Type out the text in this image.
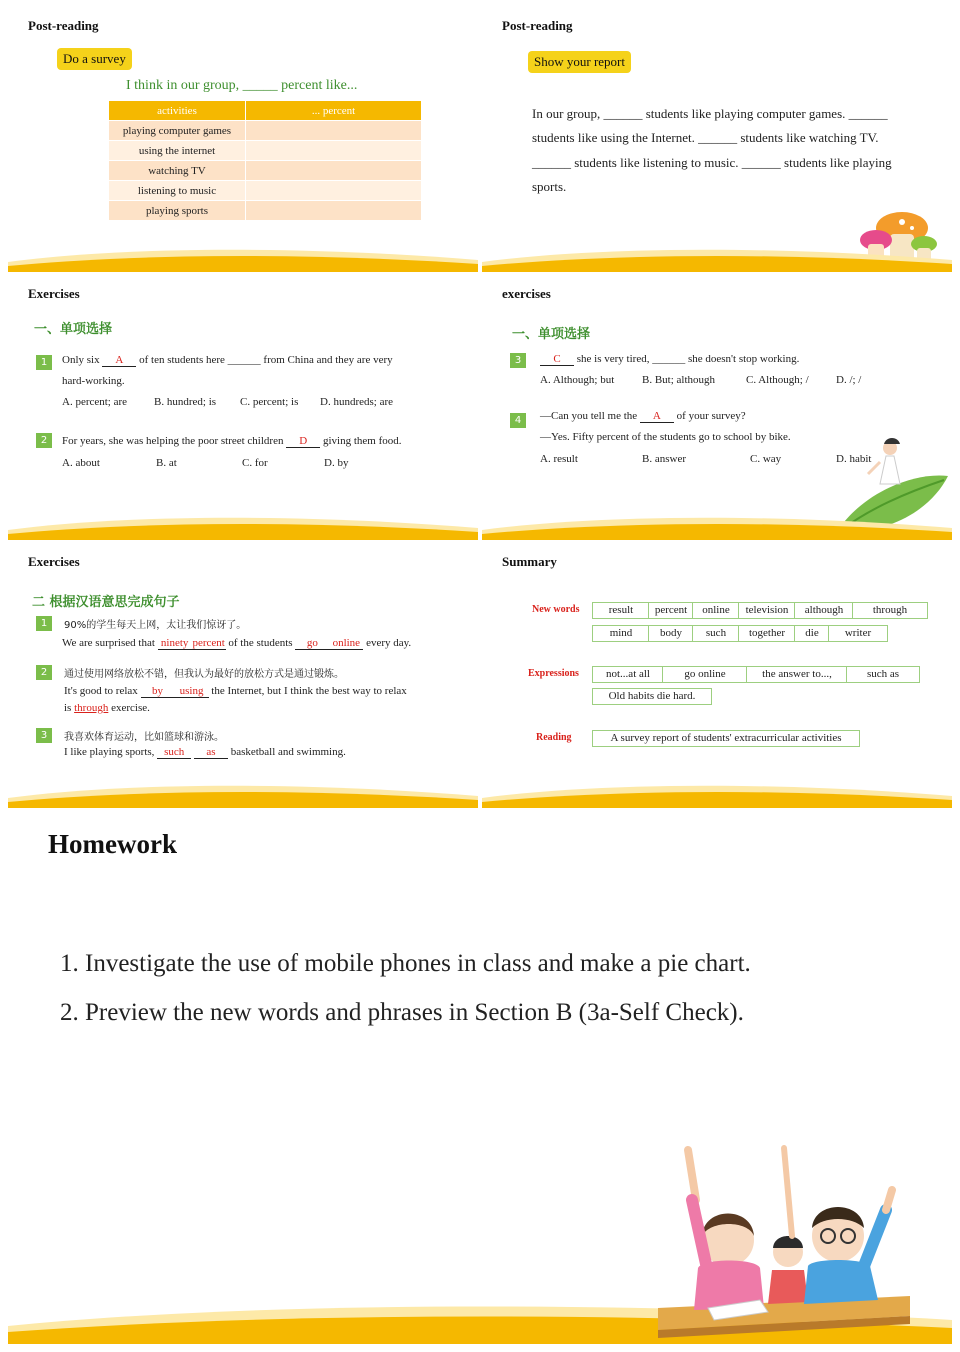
Post-reading
Do a survey
I think in our group, _____ percent like...
activities	... percent
playing computer games	
using the internet	
watching TV	
listening to music	
playing sports	
Post-reading
Show your report
In our group, ______ students like playing computer games. ______
students like using the Internet. ______ students like watching TV.
______ students like listening to music. ______ students like playing
sports.
Exercises
一、单项选择
1	Only six A of ten students here ______ from China and they are very
hard-working.
A. percent; are B. hundred; is C. percent; is D. hundreds; are
2	For years, she was helping the poor street children D giving them food.
A. about	B. at	C. for	D. by
exercises
一、单项选择
3	C she is very tired, ______ she doesn't stop working.
A. Although; but	B. But; although	C. Although; / D. /; /
4	—Can you tell me the A of your survey?
—Yes. Fifty percent of the students go to school by bike.
A. result	B. answer	C. way	D. habit
Exercises
二 根据汉语意思完成句子
1	90%的学生每天上网，太让我们惊讶了。
We are surprised that ninety percent of the students go online every day.
2	通过使用网络放松不错，但我认为最好的放松方式是通过锻炼。
It's good to relax by using the Internet, but I think the best way to relax
is through exercise.
3	我喜欢体育运动，比如篮球和游泳。
I like playing sports, such as basketball and swimming.
Summary
New words	result	percent	online	television	although	through
mind	body	such	together	die	writer
Expressions	not...at all	go online	the answer to...,	such as
Old habits die hard.
Reading	A survey report of students' extracurricular activities
Homework
1. Investigate the use of mobile phones in class and make a pie chart.
2. Preview the new words and phrases in Section B (3a-Self Check).
